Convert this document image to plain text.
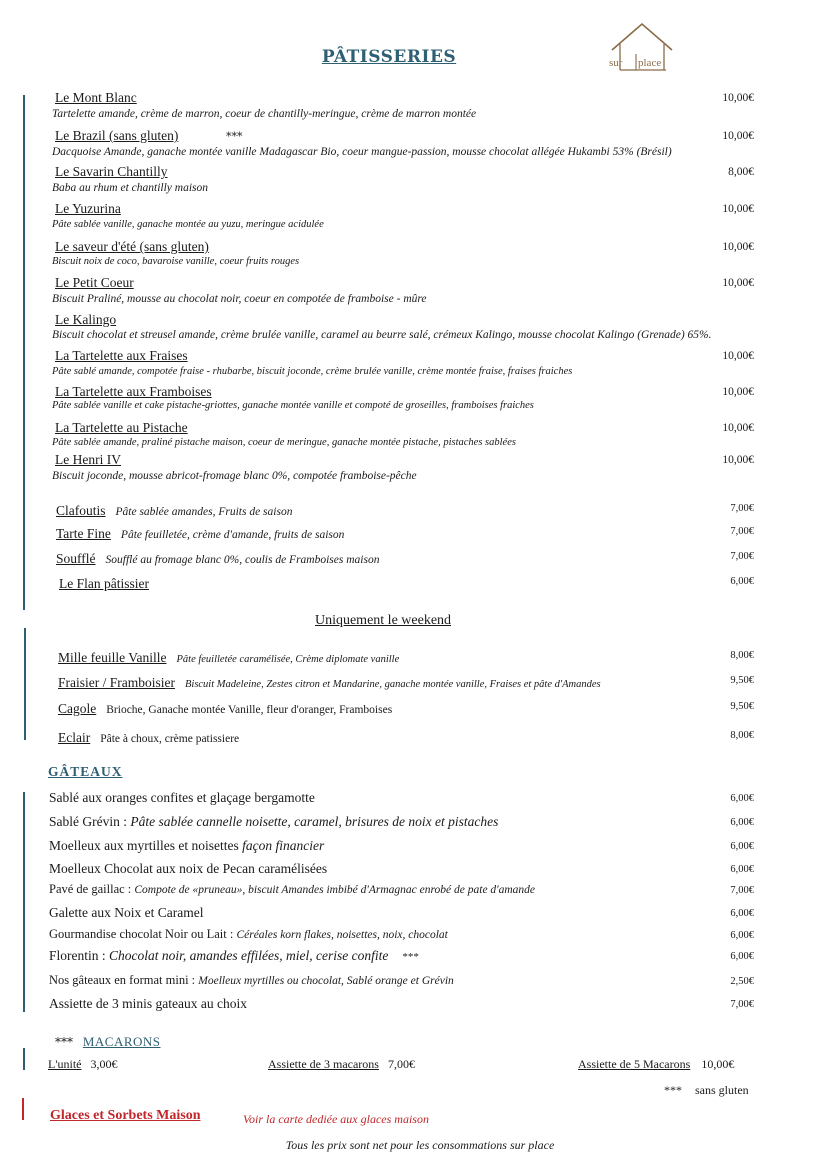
PÂTISSERIES	sur place
Le Mont Blanc
Tartelette amande, crème de marron, coeur de chantilly-meringue, crème de marron montée
10,00€
Le Brazil (sans gluten)	***
Dacquoise Amande, ganache montée vanille Madagascar Bio, coeur mangue-passion, mousse chocolat allégée Hukambi 53% (Brésil)
10,00€
Le Savarin Chantilly
Baba au rhum et chantilly maison
8,00€
Le Yuzurina
Pâte sablée vanille, ganache montée au yuzu, meringue acidulée
10,00€
Le saveur d'été (sans gluten)
Biscuit noix de coco, bavaroise vanille, coeur fruits rouges
10,00€
Le Petit Coeur
Biscuit Praliné, mousse au chocolat noir, coeur en compotée de framboise - mûre
10,00€
Le Kalingo
Biscuit chocolat et streusel amande, crème brulée vanille, caramel au beurre salé, crémeux Kalingo, mousse chocolat Kalingo (Grenade) 65%.
La Tartelette aux Fraises
Pâte sablé amande, compotée fraise - rhubarbe, biscuit joconde, crème brulée vanille, crème montée fraise, fraises fraiches
10,00€
La Tartelette aux Framboises
Pâte sablée vanille et cake pistache-griottes, ganache montée vanille et compoté de groseilles, framboises fraiches
10,00€
La Tartelette au Pistache
Pâte sablée amande, praliné pistache maison, coeur de meringue, ganache montée pistache, pistaches sablées
10,00€
Le Henri IV
Biscuit joconde, mousse abricot-fromage blanc 0%, compotée framboise-pêche
10,00€
Clafoutis Pâte sablée amandes, Fruits de saison	7,00€
Tarte Fine Pâte feuilletée, crème d'amande, fruits de saison	7,00€
Soufflé Soufflé au fromage blanc 0%, coulis de Framboises maison	7,00€
Le Flan pâtissier	6,00€
Uniquement le weekend
Mille feuille Vanille Pâte feuilletée caramélisée, Crème diplomate vanille	8,00€
Fraisier / Framboisier Biscuit Madeleine, Zestes citron et Mandarine, ganache montée vanille, Fraises et pâte d'Amandes	9,50€
Cagole Brioche, Ganache montée Vanille, fleur d'oranger, Framboises	9,50€
Eclair Pâte à choux, crème patissiere	8,00€
GÂTEAUX
Sablé aux oranges confites et glaçage bergamotte	6,00€
Sablé Grévin : Pâte sablée cannelle noisette, caramel, brisures de noix et pistaches	6,00€
Moelleux aux myrtilles et noisettes façon financier	6,00€
Moelleux Chocolat aux noix de Pecan caramélisées	6,00€
Pavé de gaillac : Compote de «pruneau», biscuit Amandes imbibé d'Armagnac enrobé de pate d'amande	7,00€
Galette aux Noix et Caramel	6,00€
Gourmandise chocolat Noir ou Lait : Céréales korn flakes, noisettes, noix, chocolat	6,00€
Florentin : Chocolat noir, amandes effilées, miel, cerise confite ***	6,00€
Nos gâteaux en format mini : Moelleux myrtilles ou chocolat, Sablé orange et Grévin	2,50€
Assiette de 3 minis gateaux au choix	7,00€
*** MACARONS
L'unité 3,00€	Assiette de 3 macarons 7,00€	Assiette de 5 Macarons 10,00€
*** sans gluten
Glaces et Sorbets Maison	Voir la carte dediée aux glaces maison
Tous les prix sont net pour les consommations sur place
